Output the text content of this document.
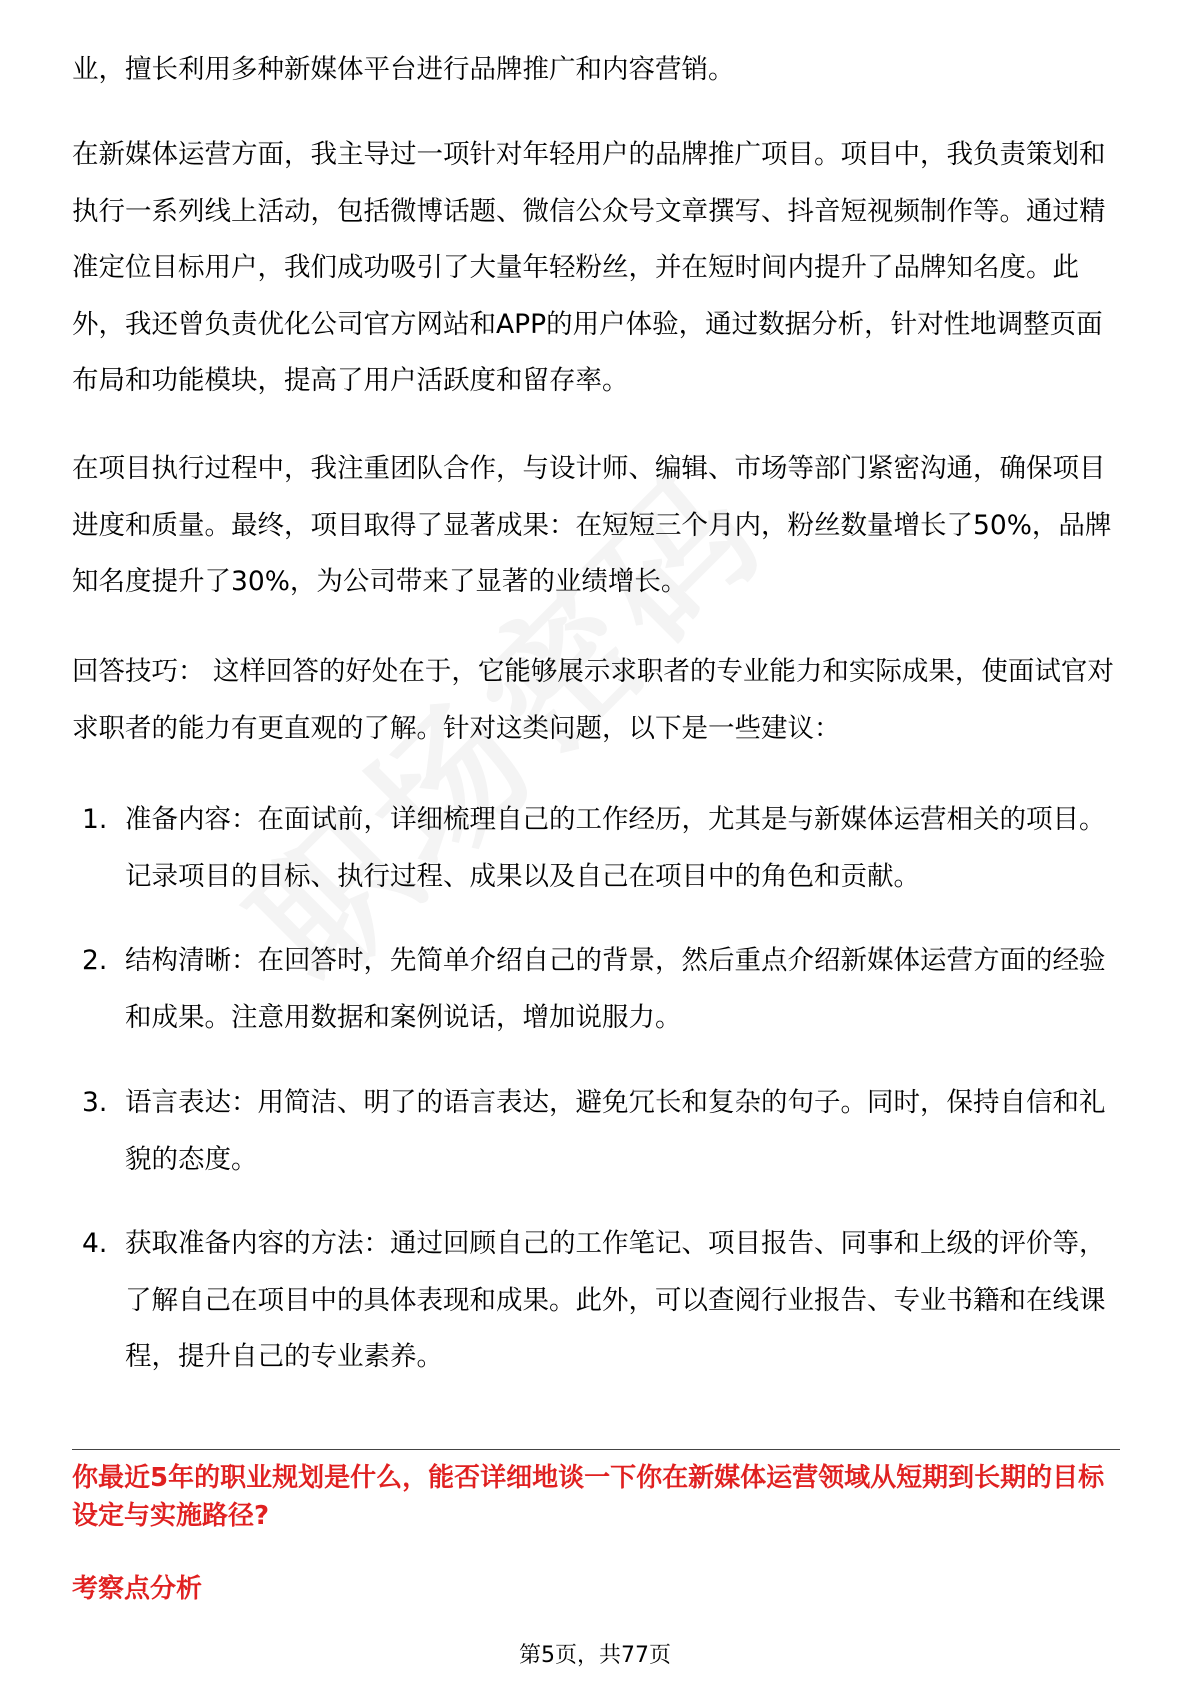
业，擅长利用多种新媒体平台进行品牌推广和内容营销。

在新媒体运营方面，我主导过一项针对年轻用户的品牌推广项目。项目中，我负责策划和执行一系列线上活动，包括微博话题、微信公众号文章撰写、抖音短视频制作等。通过精准定位目标用户，我们成功吸引了大量年轻粉丝，并在短时间内提升了品牌知名度。此外，我还曾负责优化公司官方网站和APP的用户体验，通过数据分析，针对性地调整页面布局和功能模块，提高了用户活跃度和留存率。

在项目执行过程中，我注重团队合作，与设计师、编辑、市场等部门紧密沟通，确保项目进度和质量。最终，项目取得了显著成果：在短短三个月内，粉丝数量增长了50%，品牌知名度提升了30%，为公司带来了显著的业绩增长。

回答技巧： 这样回答的好处在于，它能够展示求职者的专业能力和实际成果，使面试官对求职者的能力有更直观的了解。针对这类问题，以下是一些建议：

1. 准备内容：在面试前，详细梳理自己的工作经历，尤其是与新媒体运营相关的项目。记录项目的目标、执行过程、成果以及自己在项目中的角色和贡献。
2. 结构清晰：在回答时，先简单介绍自己的背景，然后重点介绍新媒体运营方面的经验和成果。注意用数据和案例说话，增加说服力。
3. 语言表达：用简洁、明了的语言表达，避免冗长和复杂的句子。同时，保持自信和礼貌的态度。
4. 获取准备内容的方法：通过回顾自己的工作笔记、项目报告、同事和上级的评价等，了解自己在项目中的具体表现和成果。此外，可以查阅行业报告、专业书籍和在线课程，提升自己的专业素养。
你最近5年的职业规划是什么，能否详细地谈一下你在新媒体运营领域从短期到长期的目标设定与实施路径?
考察点分析
第5页，共77页
